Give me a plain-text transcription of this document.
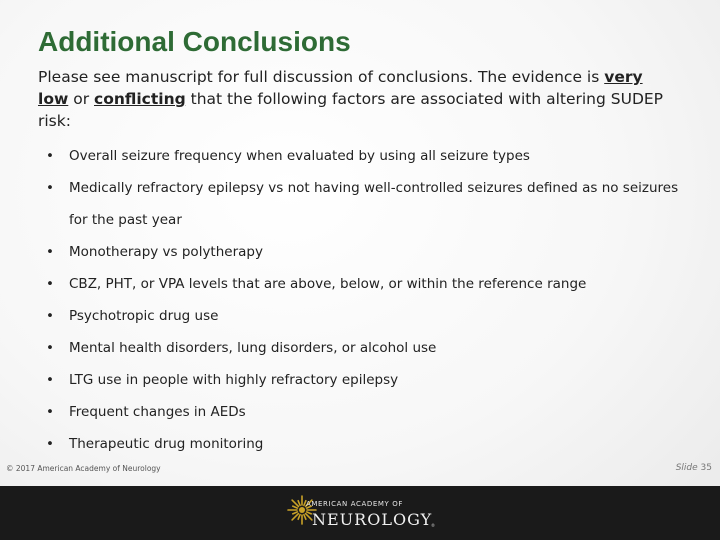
Additional Conclusions

Please see manuscript for full discussion of conclusions. The evidence is very low or conflicting that the following factors are associated with altering SUDEP risk:

• Overall seizure frequency when evaluated by using all seizure types
• Medically refractory epilepsy vs not having well-controlled seizures defined as no seizures for the past year
• Monotherapy vs polytherapy
• CBZ, PHT, or VPA levels that are above, below, or within the reference range
• Psychotropic drug use
• Mental health disorders, lung disorders, or alcohol use
• LTG use in people with highly refractory epilepsy
• Frequent changes in AEDs
• Therapeutic drug monitoring
© 2017 American Academy of Neurology	Slide 35
AMERICAN ACADEMY OF
NEUROLOGY
®
